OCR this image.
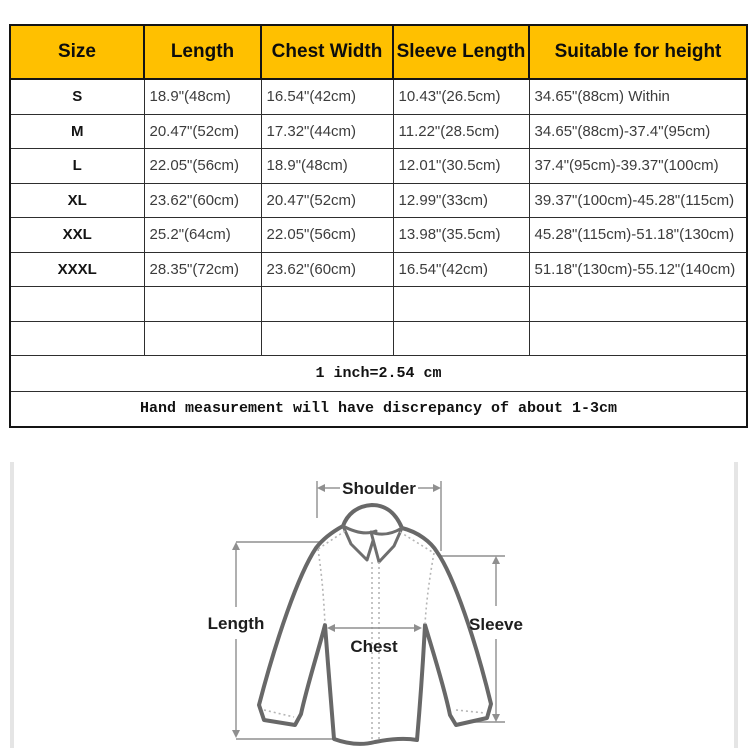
Size	Length	Chest Width	Sleeve Length	Suitable for height
S	18.9"(48cm)	16.54"(42cm)	10.43"(26.5cm)	34.65"(88cm) Within
M	20.47"(52cm)	17.32"(44cm)	11.22"(28.5cm)	34.65"(88cm)-37.4"(95cm)
L	22.05"(56cm)	18.9"(48cm)	12.01"(30.5cm)	37.4"(95cm)-39.37"(100cm)
XL	23.62"(60cm)	20.47"(52cm)	12.99"(33cm)	39.37"(100cm)-45.28"(115cm)
XXL	25.2"(64cm)	22.05"(56cm)	13.98"(35.5cm)	45.28"(115cm)-51.18"(130cm)
XXXL	28.35"(72cm)	23.62"(60cm)	16.54"(42cm)	51.18"(130cm)-55.12"(140cm)

1 inch=2.54 cm				
Hand measurement will have discrepancy of about 1-3cm				
Shoulder
Length
Chest
Sleeve
